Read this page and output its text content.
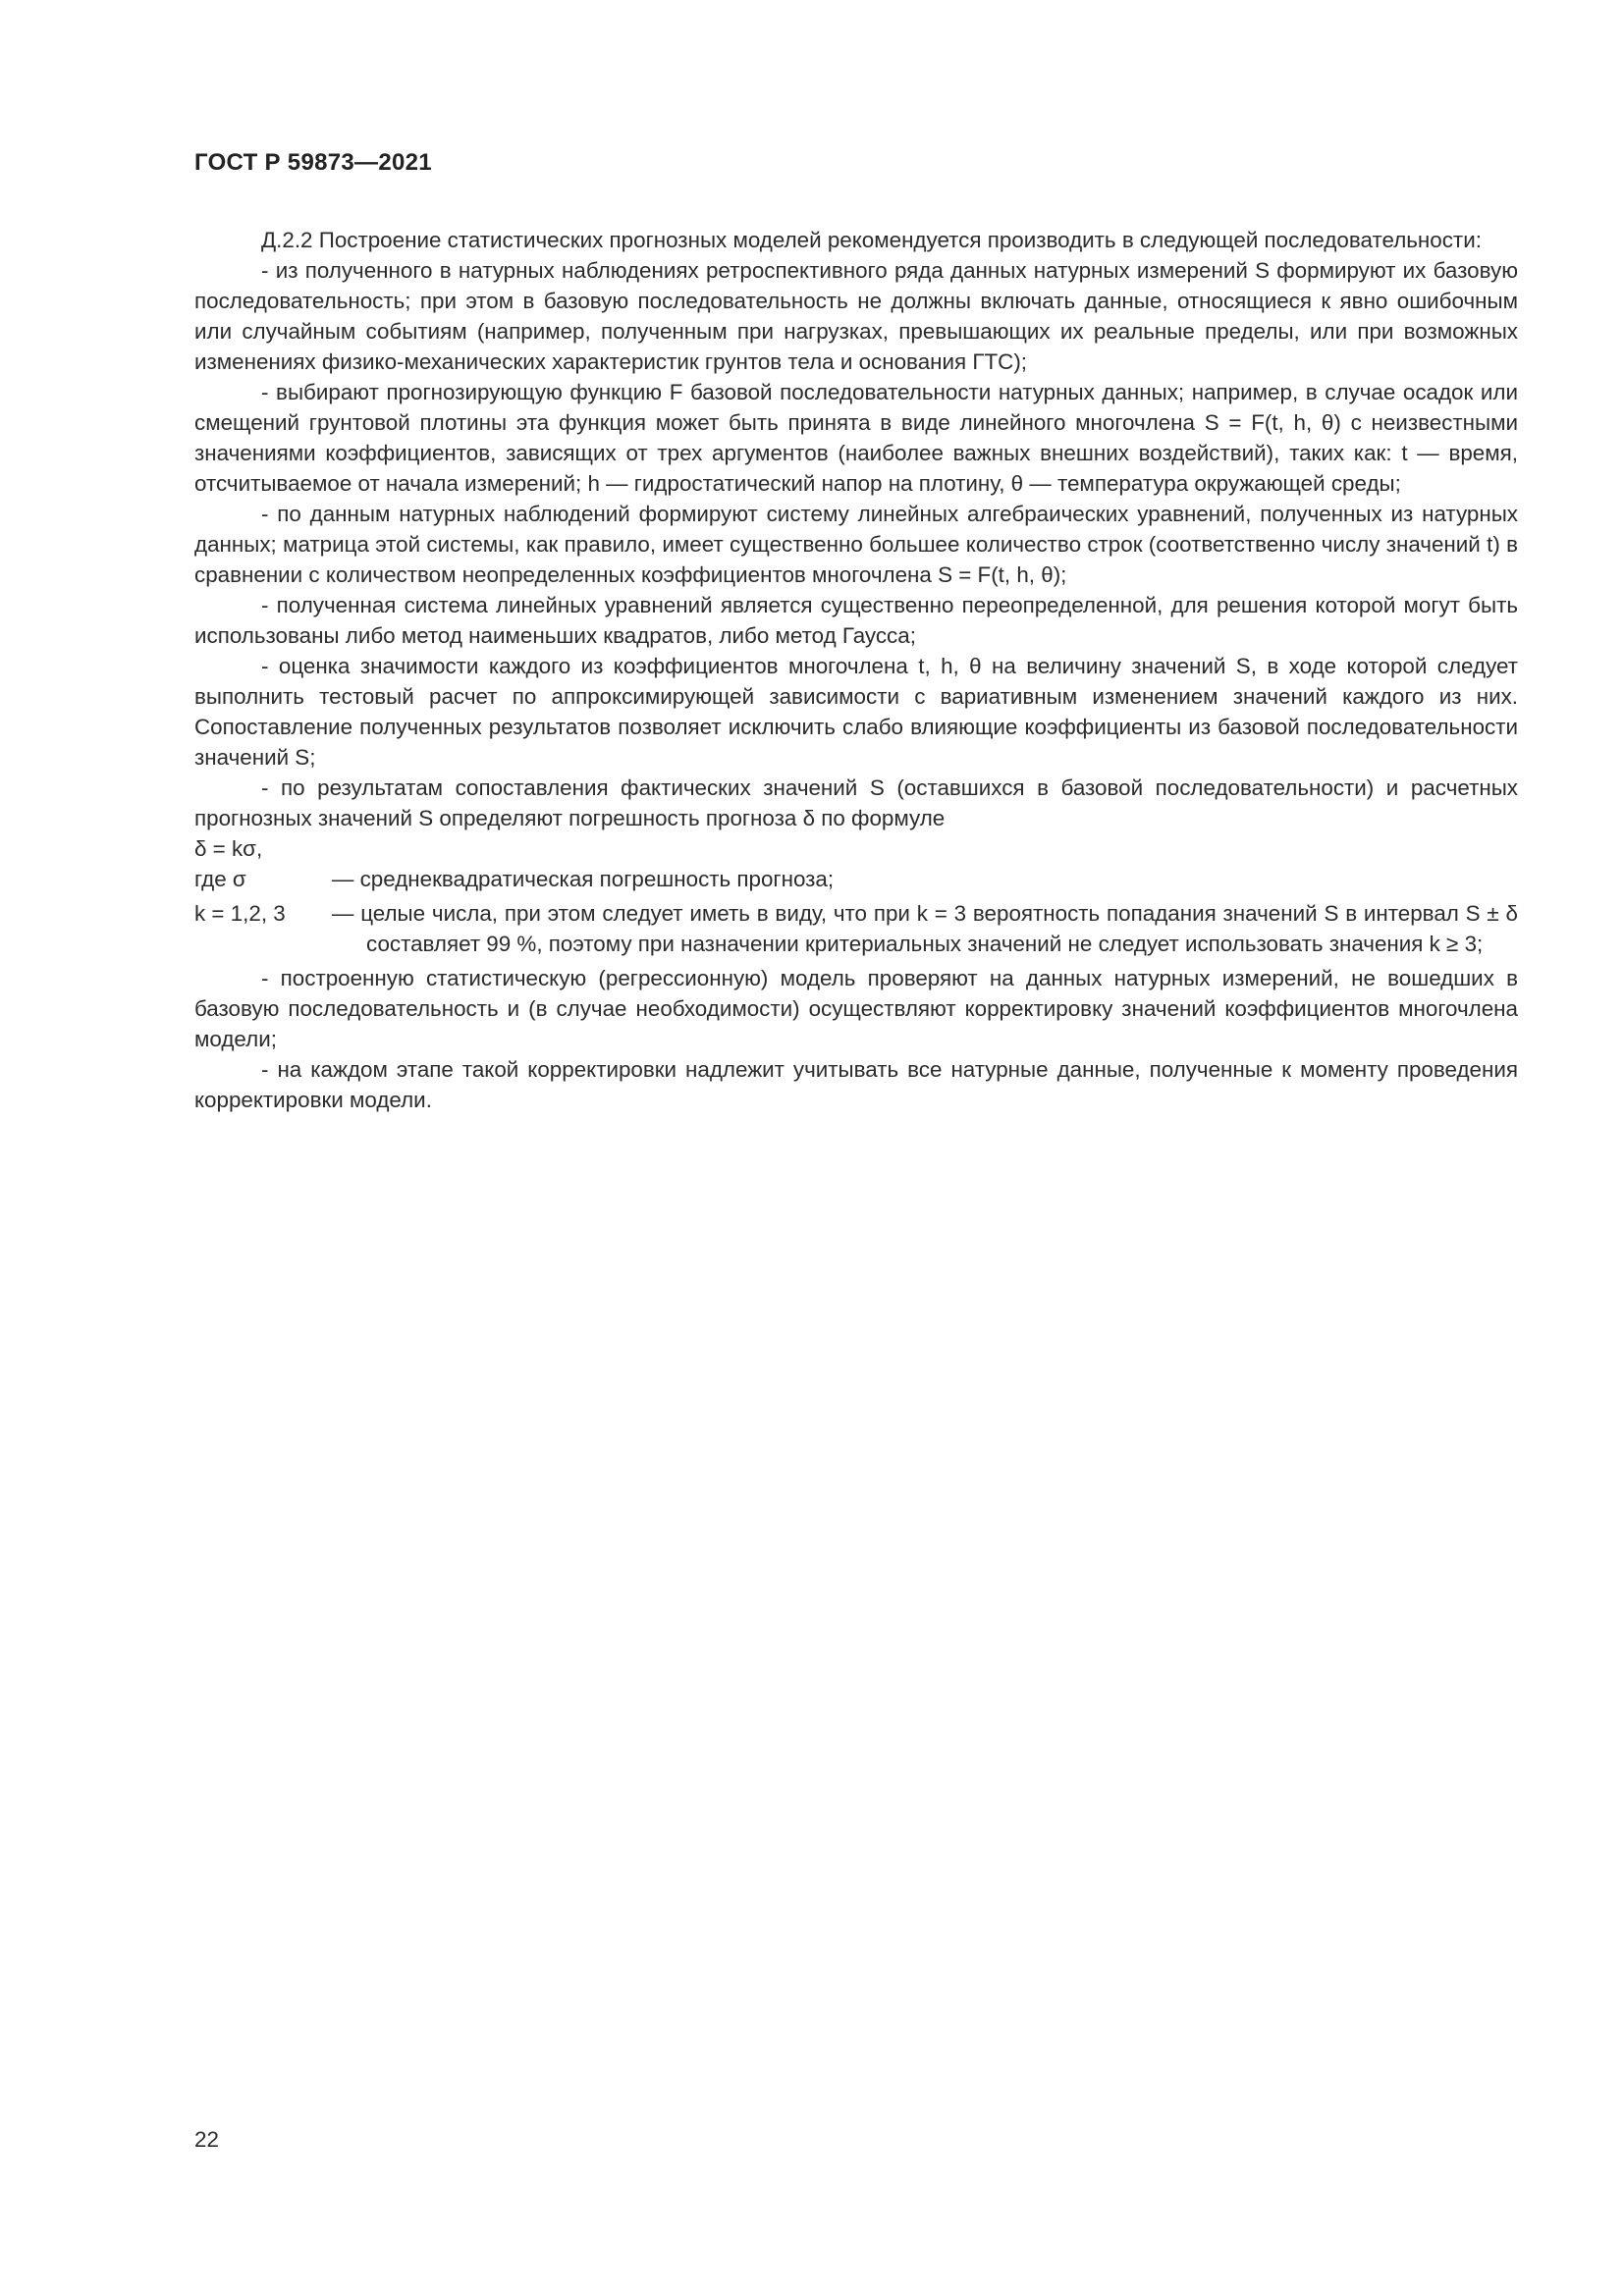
ГОСТ Р 59873—2021

Д.2.2 Построение статистических прогнозных моделей рекомендуется производить в следующей последовательности:

- из полученного в натурных наблюдениях ретроспективного ряда данных натурных измерений S формируют их базовую последовательность; при этом в базовую последовательность не должны включать данные, относящиеся к явно ошибочным или случайным событиям (например, полученным при нагрузках, превышающих их реальные пределы, или при возможных изменениях физико-механических характеристик грунтов тела и основания ГТС);

- выбирают прогнозирующую функцию F базовой последовательности натурных данных; например, в случае осадок или смещений грунтовой плотины эта функция может быть принята в виде линейного многочлена S = F(t, h, θ) с неизвестными значениями коэффициентов, зависящих от трех аргументов (наиболее важных внешних воздействий), таких как: t — время, отсчитываемое от начала измерений; h — гидростатический напор на плотину, θ — температура окружающей среды;

- по данным натурных наблюдений формируют систему линейных алгебраических уравнений, полученных из натурных данных; матрица этой системы, как правило, имеет существенно большее количество строк (соответственно числу значений t) в сравнении с количеством неопределенных коэффициентов многочлена S = F(t, h, θ);

- полученная система линейных уравнений является существенно переопределенной, для решения которой могут быть использованы либо метод наименьших квадратов, либо метод Гаусса;

- оценка значимости каждого из коэффициентов многочлена t, h, θ на величину значений S, в ходе которой следует выполнить тестовый расчет по аппроксимирующей зависимости с вариативным изменением значений каждого из них. Сопоставление полученных результатов позволяет исключить слабо влияющие коэффициенты из базовой последовательности значений S;

- по результатам сопоставления фактических значений S (оставшихся в базовой последовательности) и расчетных прогнозных значений S определяют погрешность прогноза δ по формуле

δ = kσ,

где σ	— среднеквадратическая погрешность прогноза;
k = 1,2, 3	— целые числа, при этом следует иметь в виду, что при k = 3 вероятность попадания значений S в интервал S ± δ составляет 99 %, поэтому при назначении критериальных значений не следует использовать значения k ≥ 3;

- построенную статистическую (регрессионную) модель проверяют на данных натурных измерений, не вошедших в базовую последовательность и (в случае необходимости) осуществляют корректировку значений коэффициентов многочлена модели;

- на каждом этапе такой корректировки надлежит учитывать все натурные данные, полученные к моменту проведения корректировки модели.

22
